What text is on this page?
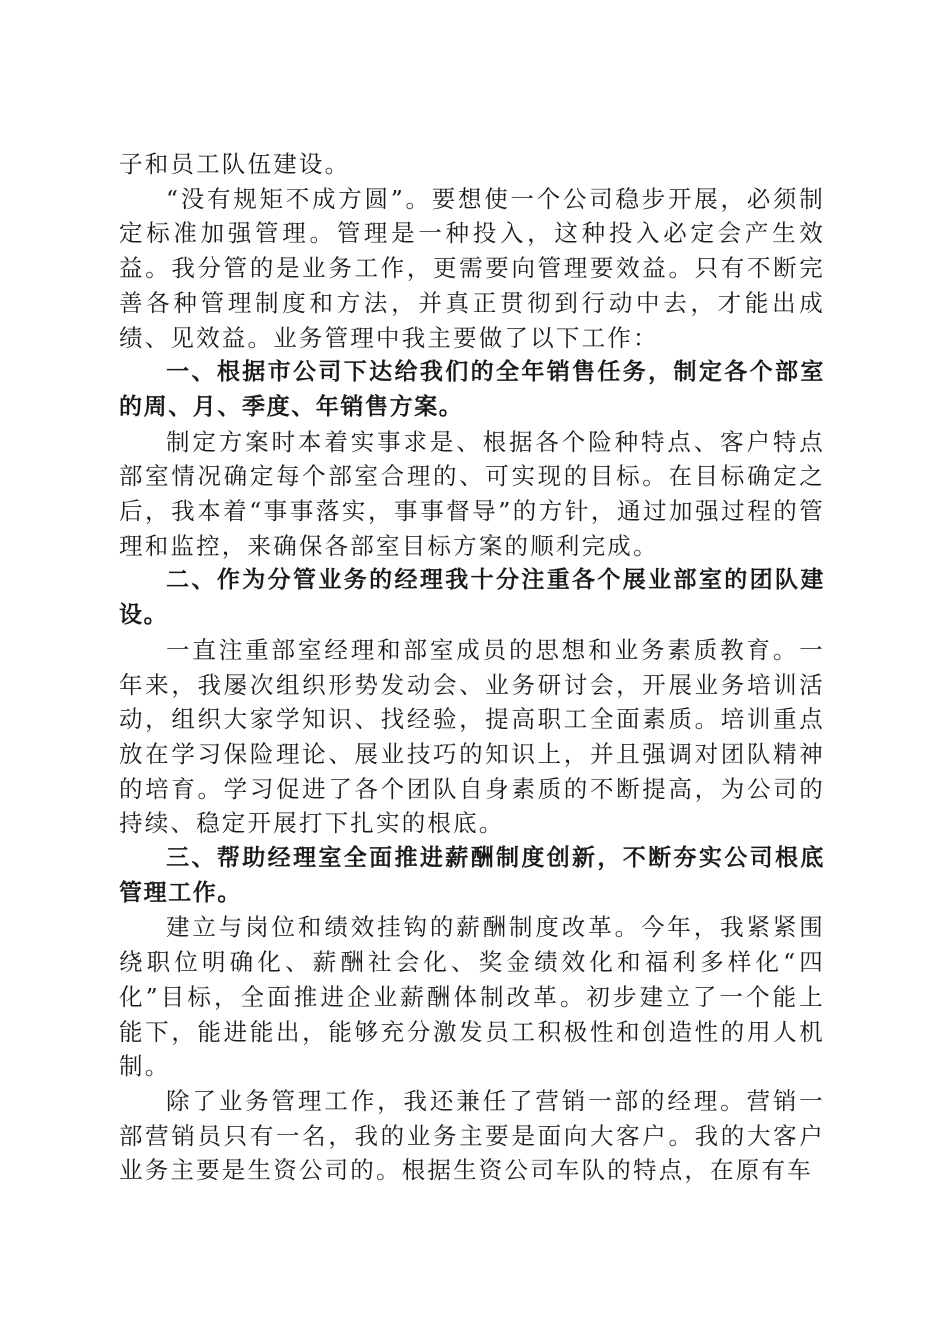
子和员工队伍建设。

“没有规矩不成方圆”。要想使一个公司稳步开展，必须制定标准加强管理。管理是一种投入，这种投入必定会产生效益。我分管的是业务工作，更需要向管理要效益。只有不断完善各种管理制度和方法，并真正贯彻到行动中去，才能出成绩、见效益。业务管理中我主要做了以下工作：

一、根据市公司下达给我们的全年销售任务，制定各个部室的周、月、季度、年销售方案。

制定方案时本着实事求是、根据各个险种特点、客户特点部室情况确定每个部室合理的、可实现的目标。在目标确定之后，我本着“事事落实，事事督导”的方针，通过加强过程的管理和监控，来确保各部室目标方案的顺利完成。

二、作为分管业务的经理我十分注重各个展业部室的团队建设。

一直注重部室经理和部室成员的思想和业务素质教育。一年来，我屡次组织形势发动会、业务研讨会，开展业务培训活动，组织大家学知识、找经验，提高职工全面素质。培训重点放在学习保险理论、展业技巧的知识上，并且强调对团队精神的培育。学习促进了各个团队自身素质的不断提高，为公司的持续、稳定开展打下扎实的根底。

三、帮助经理室全面推进薪酬制度创新，不断夯实公司根底管理工作。

建立与岗位和绩效挂钩的薪酬制度改革。今年，我紧紧围绕职位明确化、薪酬社会化、奖金绩效化和福利多样化“四化”目标，全面推进企业薪酬体制改革。初步建立了一个能上能下，能进能出，能够充分激发员工积极性和创造性的用人机制。

除了业务管理工作，我还兼任了营销一部的经理。营销一部营销员只有一名，我的业务主要是面向大客户。我的大客户业务主要是生资公司的。根据生资公司车队的特点，在原有车
